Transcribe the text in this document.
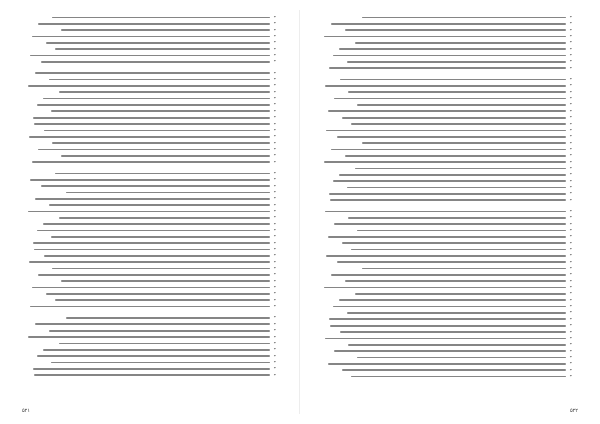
*
*
*
*
*
*
*
*
*
*
*
*
*
*
*
*
*
*
*
*
*
*
*
*
*
*
*
*
*
*
*
*
*
*
*
*
*
*
*
*
*
*
*
*
*
*
*
*
*
*
*
*
*
*
*
۵۲۱
*
*
*
*
*
*
*
*
*
*
*
*
*
*
*
*
*
*
*
*
*
*
*
*
*
*
*
*
*
*
*
*
*
*
*
*
*
*
*
*
*
*
*
*
*
*
*
*
*
*
*
*
*
*
*
*	۵۲۲
